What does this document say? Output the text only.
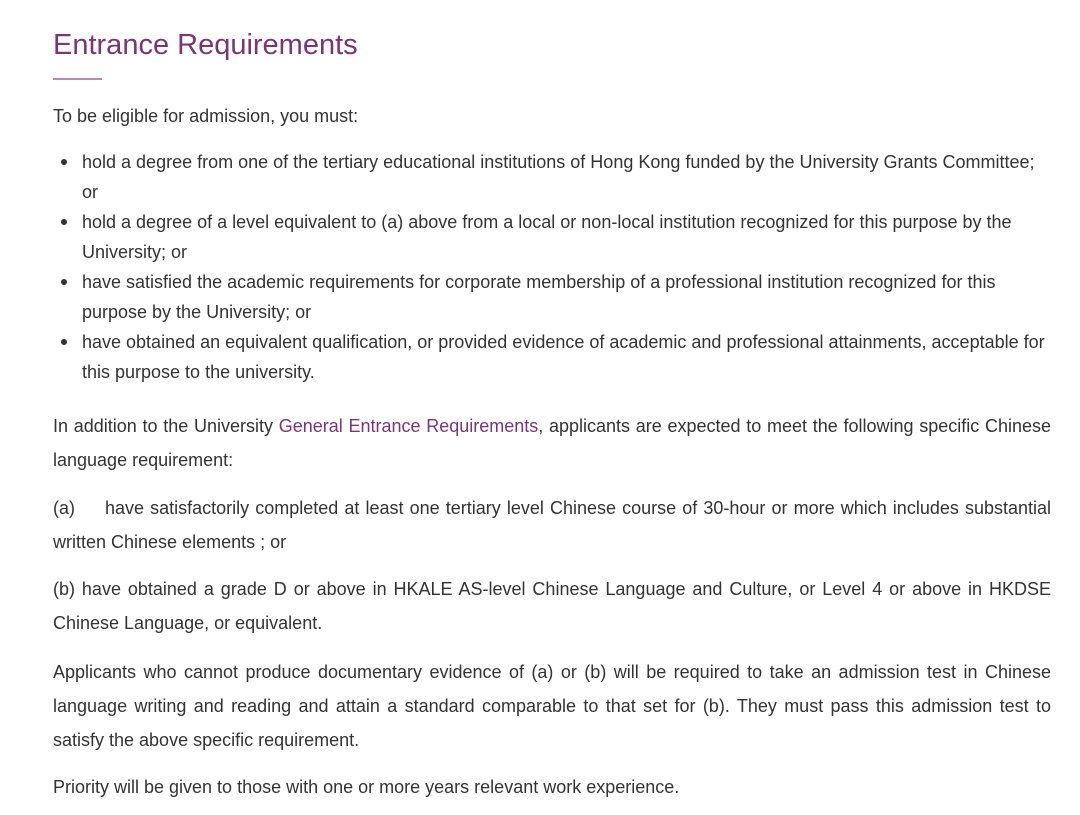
Entrance Requirements

To be eligible for admission, you must:

hold a degree from one of the tertiary educational institutions of Hong Kong funded by the University Grants Committee; or
hold a degree of a level equivalent to (a) above from a local or non-local institution recognized for this purpose by the University; or
have satisfied the academic requirements for corporate membership of a professional institution recognized for this purpose by the University; or
have obtained an equivalent qualification, or provided evidence of academic and professional attainments, acceptable for this purpose to the university.

In addition to the University General Entrance Requirements, applicants are expected to meet the following specific Chinese language requirement:

(a) have satisfactorily completed at least one tertiary level Chinese course of 30-hour or more which includes substantial written Chinese elements ; or

(b) have obtained a grade D or above in HKALE AS-level Chinese Language and Culture, or Level 4 or above in HKDSE Chinese Language, or equivalent.

Applicants who cannot produce documentary evidence of (a) or (b) will be required to take an admission test in Chinese language writing and reading and attain a standard comparable to that set for (b). They must pass this admission test to satisfy the above specific requirement.

Priority will be given to those with one or more years relevant work experience.
